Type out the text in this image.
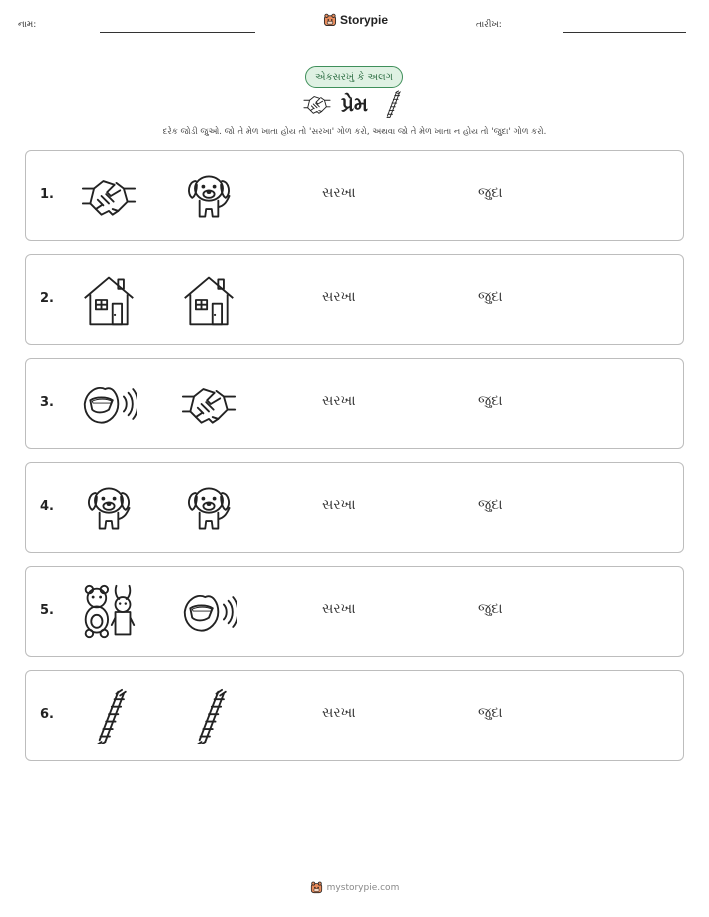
નામ:	Storypie	તારીખ:
એકસરખું કે અલગ
પ્રેમ
દરેક જોડી જુઓ. જો તે મેળ ખાતા હોય તો 'સરખા' ગોળ કરો, અથવા જો તે મેળ ખાતા ન હોય તો 'જુદા' ગોળ કરો.
1.	સરખા	જુદા
2.	સરખા	જુદા
3.	સરખા	જુદા
4.	સરખા	જુદા
5.	સરખા	જુદા
6.	સરખા	જુદા
mystorypie.com
